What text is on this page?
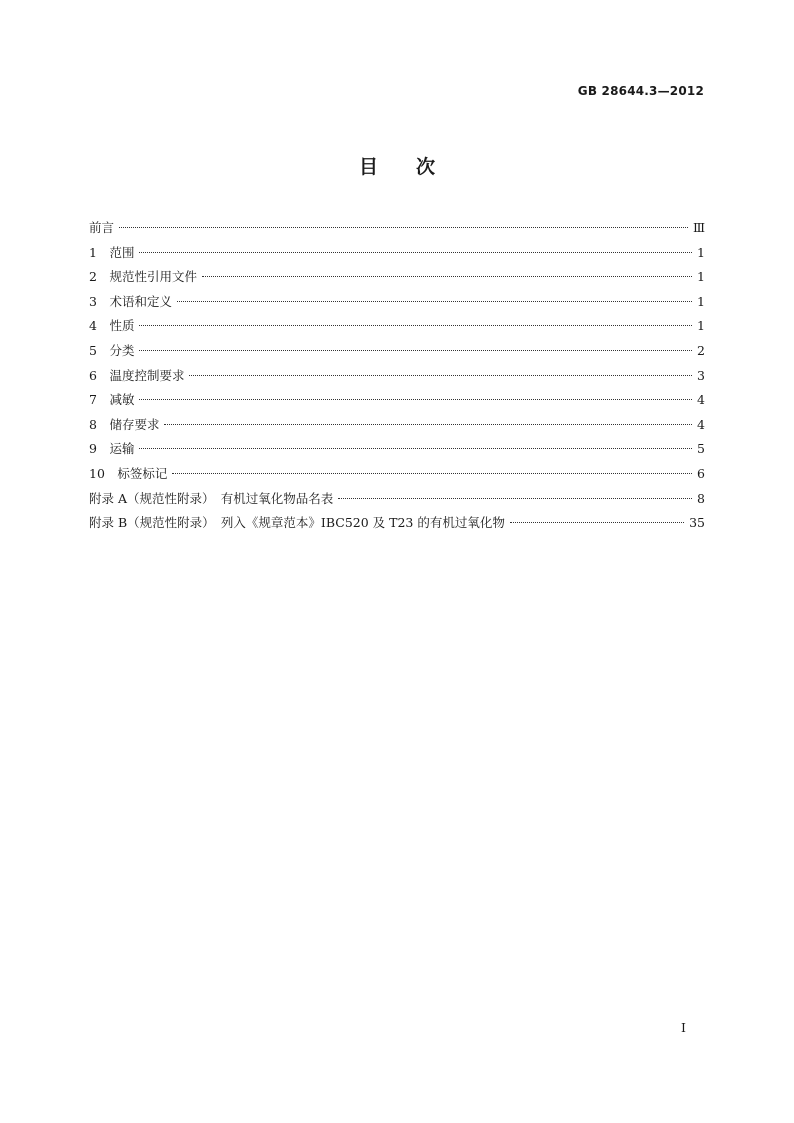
GB 28644.3—2012
目　　次
前言	Ⅲ
1　范围	1
2　规范性引用文件	1
3　术语和定义	1
4　性质	1
5　分类	2
6　温度控制要求	3
7　减敏	4
8　储存要求	4
9　运输	5
10　标签标记	6
附录 A（规范性附录）　有机过氧化物品名表	8
附录 B（规范性附录）　列入《规章范本》IBC520 及 T23 的有机过氧化物	35
Ⅰ
